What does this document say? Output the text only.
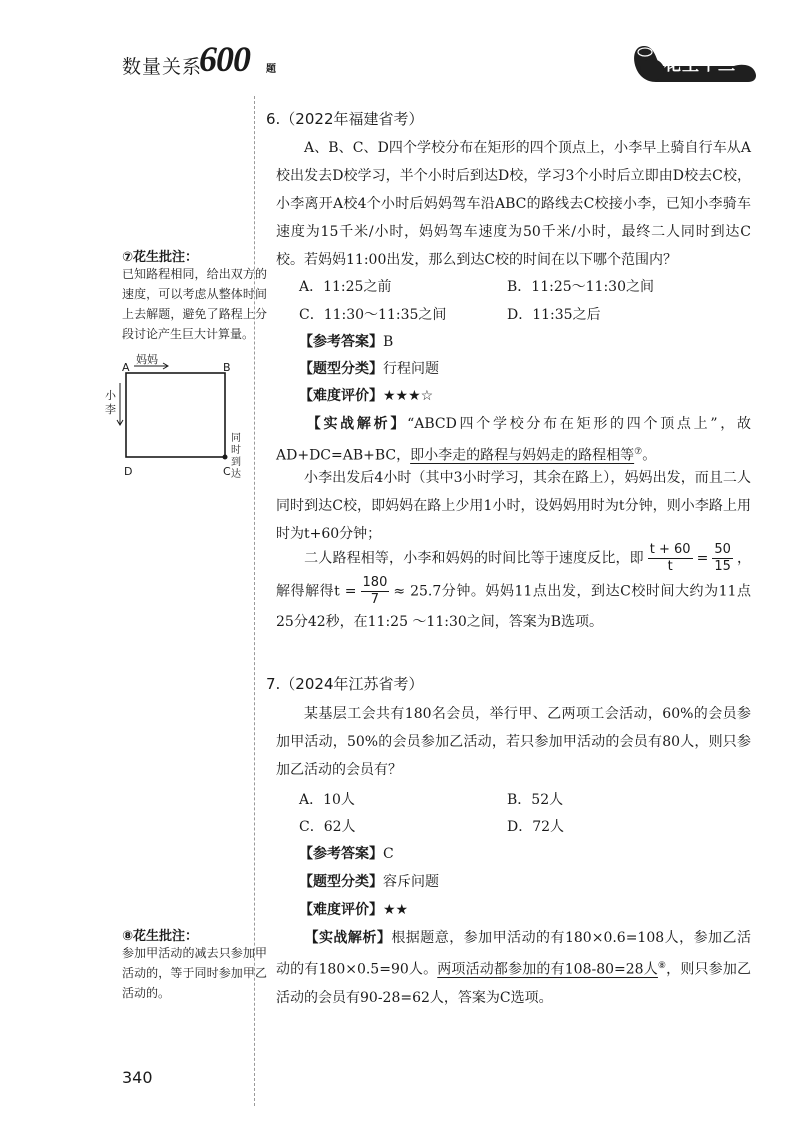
数量关系
600 题	花生十三
⑦花生批注：
已知路程相同，给出双方的速度，可以考虑从整体时间上去解题，避免了路程上分段讨论产生巨大计算量。
A	B
D	C
妈妈
小李
同时到达
6.（2022年福建省考）
A、B、C、D四个学校分布在矩形的四个顶点上，小李早上骑自行车从A校出发去D校学习，半个小时后到达D校，学习3个小时后立即由D校去C校，小李离开A校4个小时后妈妈驾车沿ABC的路线去C校接小李，已知小李骑车速度为15千米/小时，妈妈驾车速度为50千米/小时，最终二人同时到达C校。若妈妈11:00出发，那么到达C校的时间在以下哪个范围内？
A．11:25之前	B．11:25～11:30之间
C．11:30～11:35之间	D．11:35之后
【参考答案】B
【题型分类】行程问题
【难度评价】★★★☆
【实战解析】“ABCD四个学校分布在矩形的四个顶点上”，故AD+DC=AB+BC，即小李走的路程与妈妈走的路程相等⑦。
小李出发后4小时（其中3小时学习，其余在路上），妈妈出发，而且二人同时到达C校，即妈妈在路上少用1小时，设妈妈用时为t分钟，则小李路上用时为t+60分钟；
二人路程相等，小李和妈妈的时间比等于速度反比，即 $\frac{t + 60}{t} = \frac{50}{15}$ ，解得解得$t = \frac{180}{7} \approx 25.7$分钟。妈妈11点出发，到达C校时间大约为11点25分42秒，在11:25 ～11:30之间，答案为B选项。
7.（2024年江苏省考）
某基层工会共有180名会员，举行甲、乙两项工会活动，60%的会员参加甲活动，50%的会员参加乙活动，若只参加甲活动的会员有80人，则只参加乙活动的会员有？
A．10人	B．52人
C．62人	D．72人
【参考答案】C
【题型分类】容斥问题
【难度评价】★★
【实战解析】根据题意，参加甲活动的有180×0.6=108人，参加乙活动的有180×0.5=90人。两项活动都参加的有108-80=28人⑧，则只参加乙活动的会员有90-28=62人，答案为C选项。
⑧花生批注：
参加甲活动的减去只参加甲活动的，等于同时参加甲乙活动的。
340
